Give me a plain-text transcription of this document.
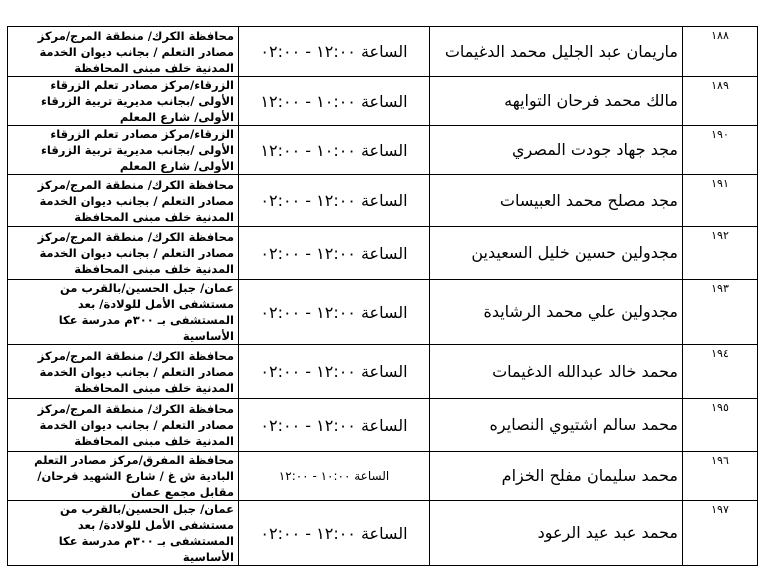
١٨٨	ماريمان عبد الجليل محمد الدغيمات	الساعة ١٢:٠٠ - ٠٢:٠٠	محافظة الكرك/ منطقة المرج/مركز مصادر التعلم / بجانب ديوان الخدمة المدنية خلف مبنى المحافظة
١٨٩	مالك محمد فرحان التوايهه	الساعة ١٠:٠٠ - ١٢:٠٠	الزرقاء/مركز مصادر تعلم الزرقاء الأولى /بجانب مديرية تربية الزرقاء الأولى/ شارع المعلم
١٩٠	مجد جهاد جودت المصري	الساعة ١٠:٠٠ - ١٢:٠٠	الزرقاء/مركز مصادر تعلم الزرقاء الأولى /بجانب مديرية تربية الزرقاء الأولى/ شارع المعلم
١٩١	مجد مصلح محمد العبيسات	الساعة ١٢:٠٠ - ٠٢:٠٠	محافظة الكرك/ منطقة المرج/مركز مصادر التعلم / بجانب ديوان الخدمة المدنية خلف مبنى المحافظة
١٩٢	مجدولين حسين خليل السعيدين	الساعة ١٢:٠٠ - ٠٢:٠٠	محافظة الكرك/ منطقة المرج/مركز مصادر التعلم / بجانب ديوان الخدمة المدنية خلف مبنى المحافظة
١٩٣	مجدولين علي محمد الرشايدة	الساعة ١٢:٠٠ - ٠٢:٠٠	عمان/ جبل الحسين/بالقرب من مستشفى الأمل للولادة/ بعد المستشفى بـ ٣٠٠م مدرسة عكا الأساسية
١٩٤	محمد خالد عبدالله الدغيمات	الساعة ١٢:٠٠ - ٠٢:٠٠	محافظة الكرك/ منطقة المرج/مركز مصادر التعلم / بجانب ديوان الخدمة المدنية خلف مبنى المحافظة
١٩٥	محمد سالم اشتيوي النصايره	الساعة ١٢:٠٠ - ٠٢:٠٠	محافظة الكرك/ منطقة المرج/مركز مصادر التعلم / بجانب ديوان الخدمة المدنية خلف مبنى المحافظة
١٩٦	محمد سليمان مفلح الخزام	الساعة ١٠:٠٠ - ١٢:٠٠	محافظة المفرق/مركز مصادر التعلم البادية ش غ / شارع الشهيد فرحان/ مقابل مجمع عمان
١٩٧	محمد عبد عيد الرعود	الساعة ١٢:٠٠ - ٠٢:٠٠	عمان/ جبل الحسين/بالقرب من مستشفى الأمل للولادة/ بعد المستشفى بـ ٣٠٠م مدرسة عكا الأساسية
